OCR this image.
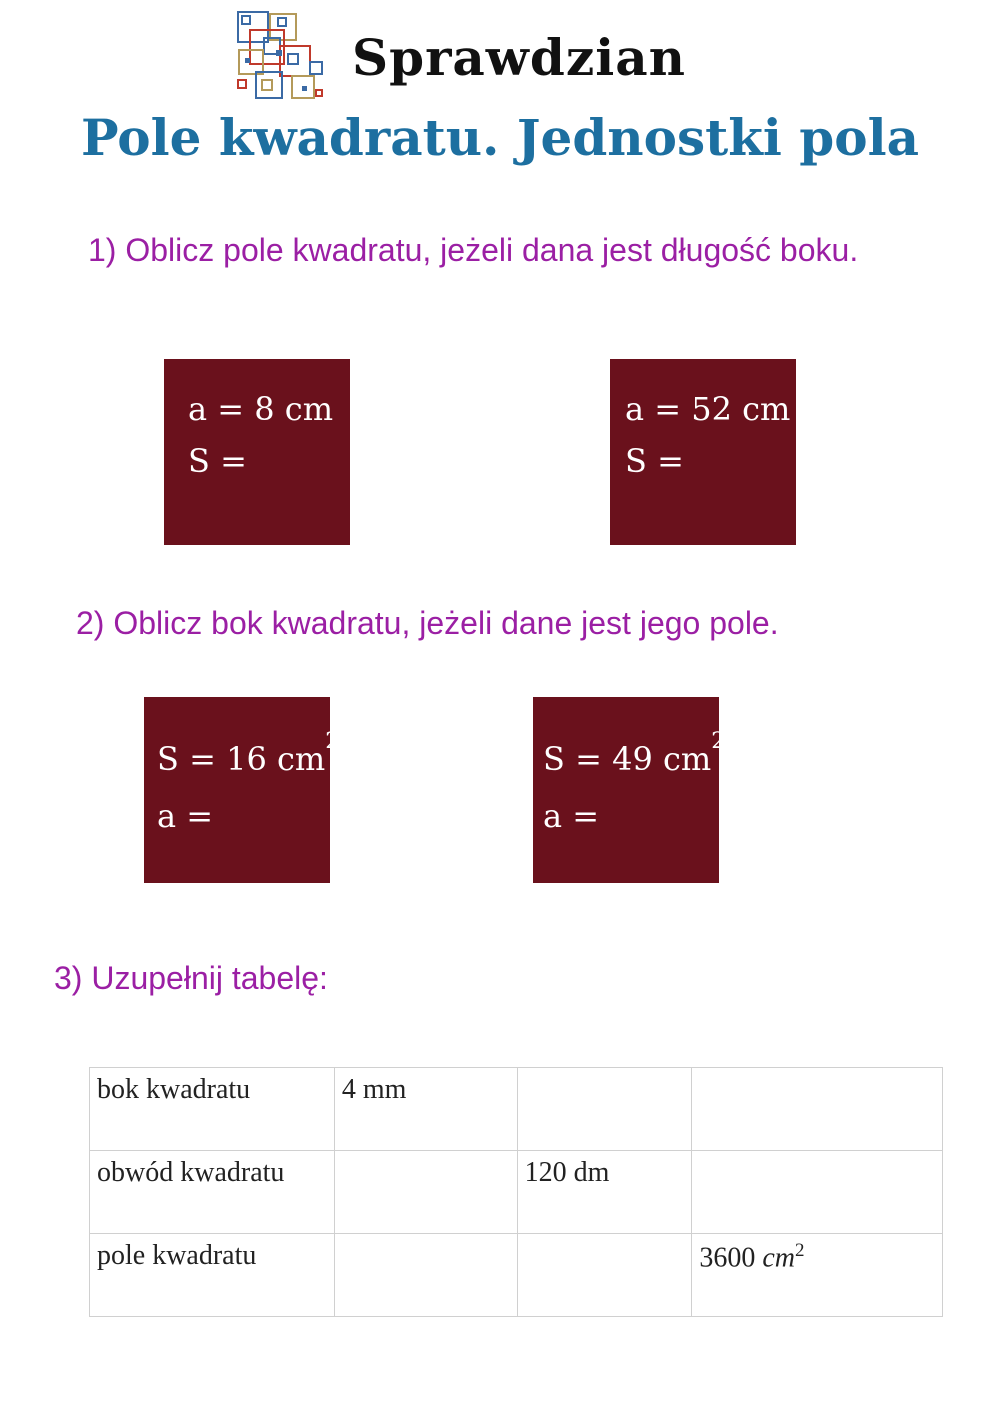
Sprawdzian
Pole kwadratu. Jednostki pola
1) Oblicz pole kwadratu, jeżeli dana jest długość boku.
a = 8 cm
S =
a = 52 cm
S =
2) Oblicz bok kwadratu, jeżeli dane jest jego pole.
S = 16 $cm^2$
a =
S = 49 $cm^2$
a =
3) Uzupełnij tabelę:
bok kwadratu	4 mm		
obwód kwadratu		120 dm	
pole kwadratu			3600 $cm^2$
